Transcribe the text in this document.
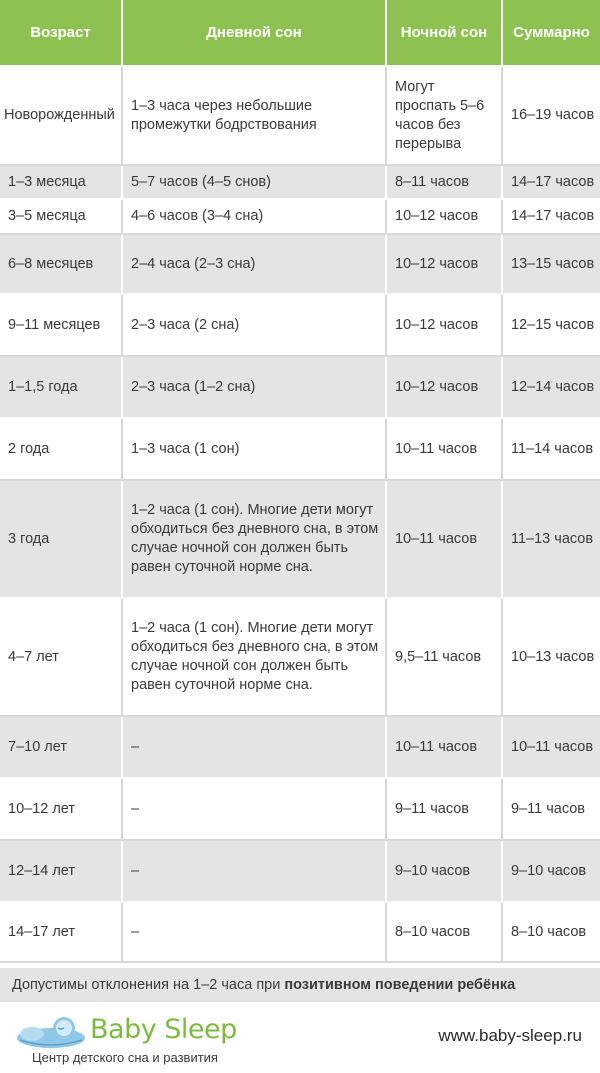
Возраст	Дневной сон	Ночной сон	Суммарно
Новорожденный	1–3 часа через небольшие промежутки бодрствования	Могут проспать 5–6 часов без перерыва	16–19 часов
1–3 месяца	5–7 часов (4–5 снов)	8–11 часов	14–17 часов
3–5 месяца	4–6 часов (3–4 сна)	10–12 часов	14–17 часов
6–8 месяцев	2–4 часа (2–3 сна)	10–12 часов	13–15 часов
9–11 месяцев	2–3 часа (2 сна)	10–12 часов	12–15 часов
1–1,5 года	2–3 часа (1–2 сна)	10–12 часов	12–14 часов
2 года	1–3 часа (1 сон)	10–11 часов	11–14 часов
3 года	1–2 часа (1 сон). Многие дети могут обходиться без дневного сна, в этом случае ночной сон должен быть равен суточной норме сна.	10–11 часов	11–13 часов
4–7 лет	1–2 часа (1 сон). Многие дети могут обходиться без дневного сна, в этом случае ночной сон должен быть равен суточной норме сна.	9,5–11 часов	10–13 часов
7–10 лет	–	10–11 часов	10–11 часов
10–12 лет	–	9–11 часов	9–11 часов
12–14 лет	–	9–10 часов	9–10 часов
14–17 лет	–	8–10 часов	8–10 часов
Допустимы отклонения на 1–2 часа при позитивном поведении ребёнка
Baby Sleep
Центр детского сна и развития
www.baby-sleep.ru
